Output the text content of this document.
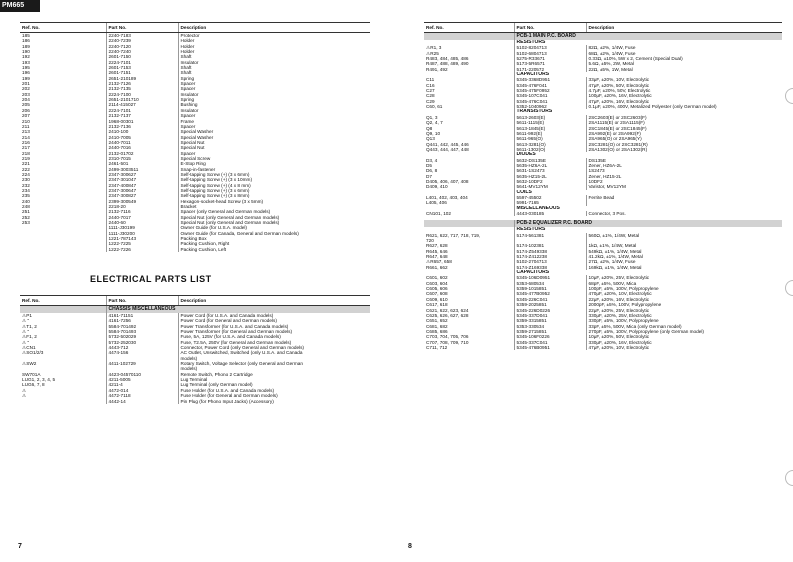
PM665
Ref. No.	Part No.	Description
185	2240-7183	Protector
186	2240-7239	Holder
189	2240-7120	Holder
190	2240-7240	Holder
192	2601-7150	Shaft
193	2224-7101	Insulator
195	2601-7153	Shaft
196	2601-7151	Shaft
199	2651-210189	Spring
201	2132-7126	Spacer
202	2132-7135	Spacer
203	2224-7100	Insulator
204	2651-2101710	Spring
205	2114-415027	Bushing
206	2224-7101	Insulator
207	2132-7137	Spacer
210	1968-00301	Frame
211	2132-7136	Spacer
213	2410-100	Special Washer
214	2410-7005	Special Washer
216	2440-7011	Special Nut
217	2440-7016	Special Nut
218	2132-01702	Spacer
219	2310-7015	Special Screw
221	2461-501	E-Stop Ring
222	2499-3003511	Snap-in-fastener
224	2347-300627	Self-tapping Screw (+) (3 x 6mm)
230	2347-301047	Self-tapping Screw (+) (3 x 10mm)
232	2347-400847	Self-tapping Screw (+) (4 x 8 mm)
234	2347-300647	Self-tapping Screw (+) (3 x 6mm)
235	2347-300827	Self-tapping Screw (+) (3 x 8mm)
240	2399-300549	Hexagon-socket-head Screw (3 x 5mm)
248	2218-20	Bracket
251	2132-7116	Spacer (only General and German models)
252	2440-7017	Special Nut (only General and German models)
253	2440-60	Special Nut (only General and German models)
	1111-J30199	Owner Guide (for U.S.A. model)
	1111-J30200	Owner Guide (for Canada, General and German models)
	1221-787143	Packing Box
	1222-7225	Packing Cushion, Right
	1222-7226	Packing Cushion, Left
ELECTRICAL PARTS LIST
Ref. No.	Part No.	Description
	CHASSIS MISCELLANEOUS	
⚠P1	4161-71151	Power Cord (for U.S.A. and Canada models)
⚠ "	4161-7256	Power Cord (for General and German models)
⚠T1, 2	5584-701492	Power Transformer (for U.S.A. and Canada models)
⚠ "	5584-701493	Power Transformer (for General and German models)
⚠F1, 2	5732-502029	Fuse, 5A, 125V (for U.S.A. and Canada models)
⚠ "	5732-252030	Fuse, T2.5A, 250V (for General and German models)
⚠CN1	4443-712	Connector, Power Cord (only General and German models)
⚠SO1/2/3	4474-156	AC Outlet, Unswitched, Switched (only U.S.A. and Canada
		models)
⚠SW2	4411-102729	Rotary Switch, Voltage Selector (only General and German
		models)
SW701A	4423-04570110	Remote Switch, Phono 2 Cartridge
LUG1, 2, 3, 4, 5	4211-5005	Lug Terminal
LUG6, 7, 8	4211-4	Lug Terminal (only German model)
⚠	4472-014	Fuse Holder (for U.S.A. and Canada models)
⚠	4472-7118	Fuse Holder (for General and German models)
	4442-14	Pin Plug (for Phono Input Jacks) (Accessory)
7
Ref. No.	Part No.	Description
	PCB-1 MAIN P.C. BOARD	
	RESISTORS	
⚠R1, 3	5102-8204713	82Ω, ±2%, 1/4W, Fuse
⚠R25	5102-6804713	68Ω, ±2%, 1/4W, Fuse
R483, 484, 485, 486	5275-R33671	0.33Ω, ±10%, 5W x 2, Cement (Special Dual)
R487, 488, 489, 490	5173-5R6571	5.6Ω, ±5%, 2W, Metal
R491, 492	5171-220572	22Ω, ±5%, 1W, Metal
	CAPACITORS	
C11	5345-3368D951	33μF, ±20%, 10V, Electrolytic
C16	5345-476F041	47μF, ±20%, 50V, Electrolytic
C27	5345-475F0952	4.7μF, ±20%, 50V, Electrolytic
C28	5345-107C041	100μF, ±20%, 16V, Electrolytic
C29	5345-476C041	47μF, ±20%, 16V, Electrolytic
C60, 61	5352-1040962	0.1μF, ±20%, 400V, Metalized Polyester (only German model)
	TRANSISTORS	
Q1, 3	5613-2603(E)	2SC2603(E) or 2SC2603(F)
Q2, 4, 7	5611-1115(E)	2SA1115(E) or 2SA1115(F)
Q8	5613-1845(E)	2SC1845(E) or 2SC1845(F)
Q9, 10	5611-992(E)	2SA992(E) or 2SA992(F)
Q13	5611-965(O)	2SA965(O) or 2SA965(Y)
Q441, 442, 445, 446	5613-3281(O)	2SC3281(O) or 2SC3281(R)
Q443, 444, 447, 448	5611-1302(O)	2SA1302(O) or 2SA1302(R)
	DIODES	
D3, 4	5632-DS135E	DS135E
D5	5635-HZ6A-2L	Zener, HZ6A-2L
D6, 8	5631-1S2473	1S2473
D7	5635-HZ15-2L	Zener, HZ15-2L
D405, 406, 407, 408	5632-10DF2	10DF2
D409, 410	5641-MV12YM	Varistor, MV12YM
	COILS	
L401, 402, 403, 404	5597-45502	Ferrite Bead
L405, 406	5991-7165	
	MISCELLANEOUS	
CN101, 102	4443-030185	Connector, 3 Pos.

	PCB-2 EQUALIZER P.C. BOARD	
	RESISTORS	
R621, 622, 717, 718, 719,	5174-561381	560Ω, ±1%, 1/4W, Metal
720		
R627, 628	5174-102381	1kΩ, ±1%, 1/4W, Metal
R645, 646	5174-Z549338	549kΩ, ±1%, 1/4W, Metal
R647, 648	5174-Z412238	41.2kΩ, ±1%, 1/4W, Metal
⚠R657, 658	5102-2704713	27Ω, ±2%, 1/4W, Fuse
R661, 662	5174-Z169338	169kΩ, ±1%, 1/4W, Metal
	CAPACITORS	
C601, 602	5345-106D0951	10μF, ±20%, 25V, Electrolytic
C603, 604	5353-680534	68pF, ±5%, 500V, Mica
C605, 606	5359-1015851	100pF, ±5%, 100V, Polypropylene
C607, 608	5345-477B0952	470μF, ±20%, 10V, Electrolytic
C609, 610	5345-226C041	22μF, ±20%, 16V, Electrolytic
C617, 618	5359-2025851	2000pF, ±5%, 100V, Polypropylene
C621, 622, 623, 624	5345-226D0226	22μF, ±20%, 25V, Electrolytic
C625, 626, 627, 628	5345-337D041	330μF, ±20%, 25V, Electrolytic
C651, 652	5359-3315851	330pF, ±5%, 100V, Polypropylene
C681, 682	5353-330534	33pF, ±5%, 500V, Mica (only German model)
C685, 686	5359-2715851	270pF, ±5%, 100V, Polypropylene (only German model)
C703, 704, 705, 706	5345-106F0226	10μF, ±20%, 50V, Electrolytic
C707, 708, 709, 710	5345-337C041	330μF, ±20%, 16V, Electrolytic
C711, 712	5345-476B0951	47μF, ±20%, 10V, Electrolytic
8
